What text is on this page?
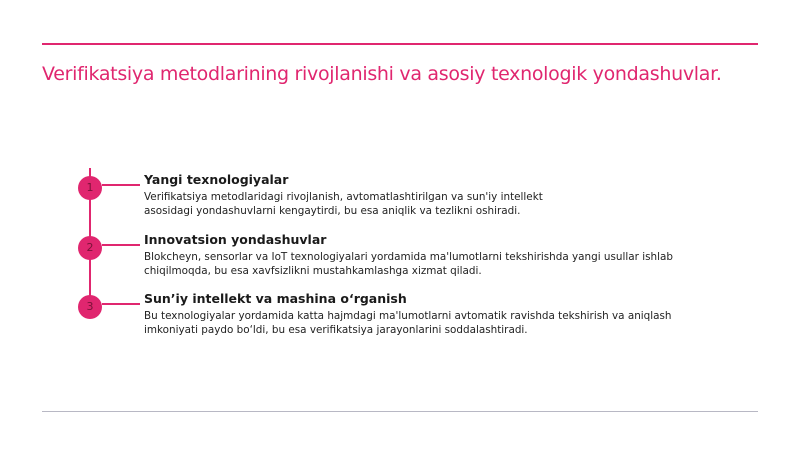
Verifikatsiya metodlarining rivojlanishi va asosiy texnologik yondashuvlar.
1
Yangi texnologiyalar
Verifikatsiya metodlaridagi rivojlanish, avtomatlashtirilgan va sun'iy intellekt asosidagi yondashuvlarni kengaytirdi, bu esa aniqlik va tezlikni oshiradi.
2
Innovatsion yondashuvlar
Blokcheyn, sensorlar va IoT texnologiyalari yordamida ma'lumotlarni tekshirishda yangi usullar ishlab chiqilmoqda, bu esa xavfsizlikni mustahkamlashga xizmat qiladi.
3
Sun’iy intellekt va mashina o‘rganish
Bu texnologiyalar yordamida katta hajmdagi ma'lumotlarni avtomatik ravishda tekshirish va aniqlash imkoniyati paydo bo‘ldi, bu esa verifikatsiya jarayonlarini soddalashtiradi.
